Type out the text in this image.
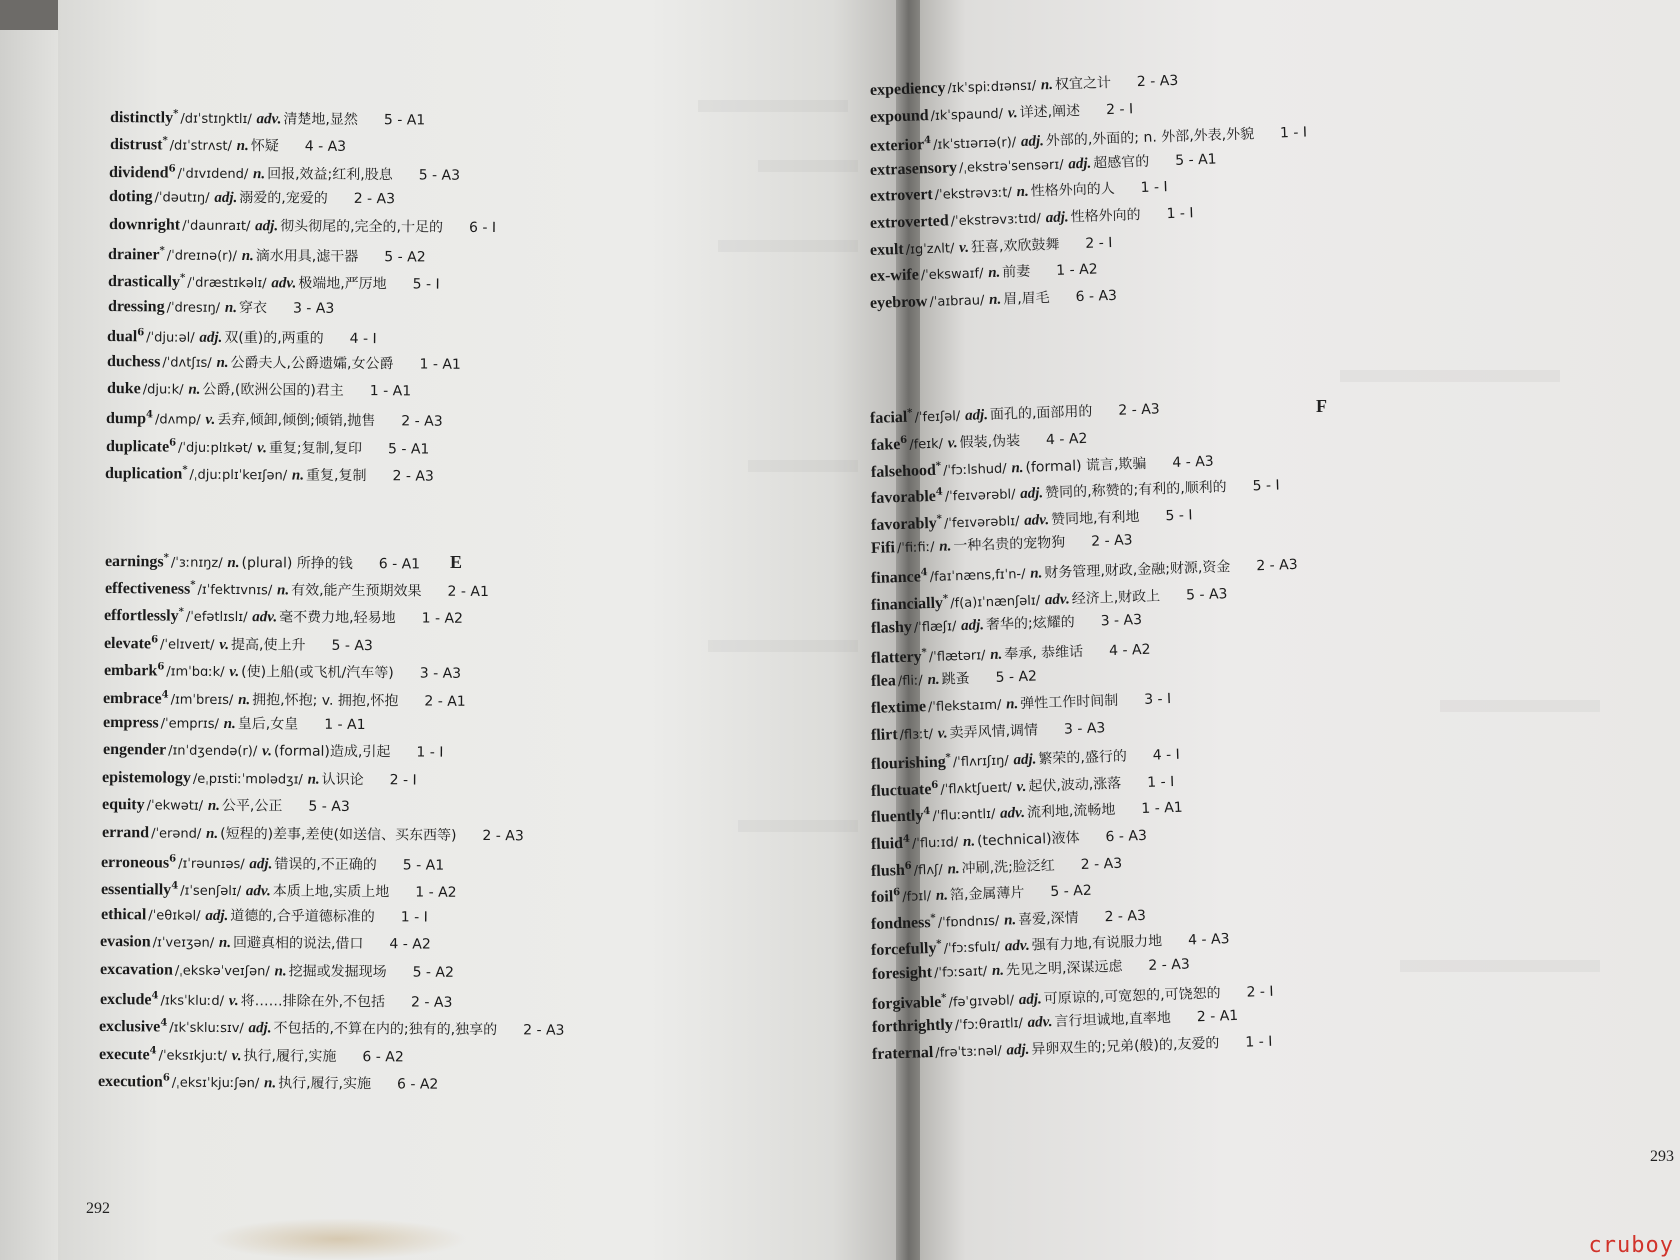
distinctly* /dɪˈstɪŋktlɪ/ adv. 清楚地,显然 5 - A1
distrust* /dɪˈstrʌst/ n. 怀疑 4 - A3
dividend$^6$ /ˈdɪvɪdend/ n. 回报,效益;红利,股息 5 - A3
doting /ˈdəutɪŋ/ adj. 溺爱的,宠爱的 2 - A3
downright /ˈdaunraɪt/ adj. 彻头彻尾的,完全的,十足的 6 - I
drainer* /ˈdreɪnə(r)/ n. 滴水用具,滤干器 5 - A2
drastically* /ˈdræstɪkəlɪ/ adv. 极端地,严厉地 5 - I
dressing /ˈdresɪŋ/ n. 穿衣 3 - A3
dual$^6$ /ˈdjuːəl/ adj. 双(重)的,两重的 4 - I
duchess /ˈdʌtʃɪs/ n. 公爵夫人,公爵遗孀,女公爵 1 - A1
duke /djuːk/ n. 公爵,(欧洲公国的)君主 1 - A1
dump$^4$ /dʌmp/ v. 丢弃,倾卸,倾倒;倾销,抛售 2 - A3
duplicate$^6$ /ˈdjuːplɪkət/ v. 重复;复制,复印 5 - A1
duplication* /ˌdjuːplɪˈkeɪʃən/ n. 重复,复制 2 - A3
earnings* /ˈɜːnɪŋz/ n. (plural) 所挣的钱 6 - A1
effectiveness* /ɪˈfektɪvnɪs/ n. 有效,能产生预期效果 2 - A1
effortlessly* /ˈefətlɪslɪ/ adv. 毫不费力地,轻易地 1 - A2
elevate$^6$ /ˈelɪveɪt/ v. 提高,使上升 5 - A3
embark$^6$ /ɪmˈbɑːk/ v. (使)上船(或飞机/汽车等) 3 - A3
embrace$^4$ /ɪmˈbreɪs/ n. 拥抱,怀抱; v. 拥抱,怀抱 2 - A1
empress /ˈemprɪs/ n. 皇后,女皇 1 - A1
engender /ɪnˈdʒendə(r)/ v. (formal)造成,引起 1 - I
epistemology /eˌpɪstiːˈmɒlədʒɪ/ n. 认识论 2 - I
equity /ˈekwətɪ/ n. 公平,公正 5 - A3
errand /ˈerənd/ n. (短程的)差事,差使(如送信、买东西等) 2 - A3
erroneous$^6$ /ɪˈrəunɪəs/ adj. 错误的,不正确的 5 - A1
essentially$^4$ /ɪˈsenʃəlɪ/ adv. 本质上地,实质上地 1 - A2
ethical /ˈeθɪkəl/ adj. 道德的,合乎道德标准的 1 - I
evasion /ɪˈveɪʒən/ n. 回避真相的说法,借口 4 - A2
excavation /ˌekskəˈveɪʃən/ n. 挖掘或发掘现场 5 - A2
exclude$^4$ /ɪksˈkluːd/ v. 将……排除在外,不包括 2 - A3
exclusive$^4$ /ɪkˈskluːsɪv/ adj. 不包括的,不算在内的;独有的,独享的 2 - A3
execute$^4$ /ˈeksɪkjuːt/ v. 执行,履行,实施 6 - A2
execution$^6$ /ˌeksɪˈkjuːʃən/ n. 执行,履行,实施 6 - A2
E
292
expediency /ɪkˈspiːdɪənsɪ/ n.权宜之计 2 - A3
expound /ɪkˈspaund/ v.详述,阐述 2 - I
exterior$^4$ /ɪkˈstɪərɪə(r)/ adj.外部的,外面的; n. 外部,外表,外貌 1 - I
extrasensory /ˌekstrəˈsensərɪ/ adj.超感官的 5 - A1
extrovert /ˈekstrəvɜːt/ n.性格外向的人 1 - I
extroverted /ˈekstrəvɜːtɪd/ adj.性格外向的 1 - I
exult /ɪgˈzʌlt/ v.狂喜,欢欣鼓舞 2 - I
ex-wife /ˈekswaɪf/ n.前妻 1 - A2
eyebrow /ˈaɪbrau/ n.眉,眉毛 6 - A3
facial* /ˈfeɪʃəl/ adj.面孔的,面部用的 2 - A3
fake$^6$ /feɪk/ v.假装,伪装 4 - A2
falsehood* /ˈfɔːlshud/ n.(formal) 谎言,欺骗 4 - A3
favorable$^4$ /ˈfeɪvərəbl/ adj.赞同的,称赞的;有利的,顺利的 5 - I
favorably* /ˈfeɪvərəblɪ/ adv.赞同地,有利地 5 - I
Fifi /ˈfiːfiː/ n.一种名贵的宠物狗 2 - A3
finance$^4$ /faɪˈnæns,fɪˈn-/ n.财务管理,财政,金融;财源,资金 2 - A3
financially* /f(a)ɪˈnænʃəlɪ/ adv.经济上,财政上 5 - A3
flashy /ˈflæʃɪ/ adj.奢华的;炫耀的 3 - A3
flattery* /ˈflætərɪ/ n.奉承, 恭维话 4 - A2
flea /fliː/ n.跳蚤 5 - A2
flextime /ˈflekstaɪm/ n.弹性工作时间制 3 - I
flirt /flɜːt/ v.卖弄风情,调情 3 - A3
flourishing* /ˈflʌrɪʃɪŋ/ adj.繁荣的,盛行的 4 - I
fluctuate$^6$ /ˈflʌktʃueɪt/ v.起伏,波动,涨落 1 - I
fluently$^4$ /ˈfluːəntlɪ/ adv.流利地,流畅地 1 - A1
fluid$^4$ /ˈfluːɪd/ n.(technical)液体 6 - A3
flush$^6$ /flʌʃ/ n.冲刷,洗;脸泛红 2 - A3
foil$^6$ /fɔɪl/ n.箔,金属薄片 5 - A2
fondness* /ˈfɒndnɪs/ n.喜爱,深情 2 - A3
forcefully* /ˈfɔːsfulɪ/ adv.强有力地,有说服力地 4 - A3
foresight /ˈfɔːsaɪt/ n.先见之明,深谋远虑 2 - A3
forgivable* /fəˈgɪvəbl/ adj.可原谅的,可宽恕的,可饶恕的 2 - I
forthrightly /ˈfɔːθraɪtlɪ/ adv.言行坦诚地,直率地 2 - A1
fraternal /frəˈtɜːnəl/ adj.异卵双生的;兄弟(般)的,友爱的 1 - I
F
293
cruboy
